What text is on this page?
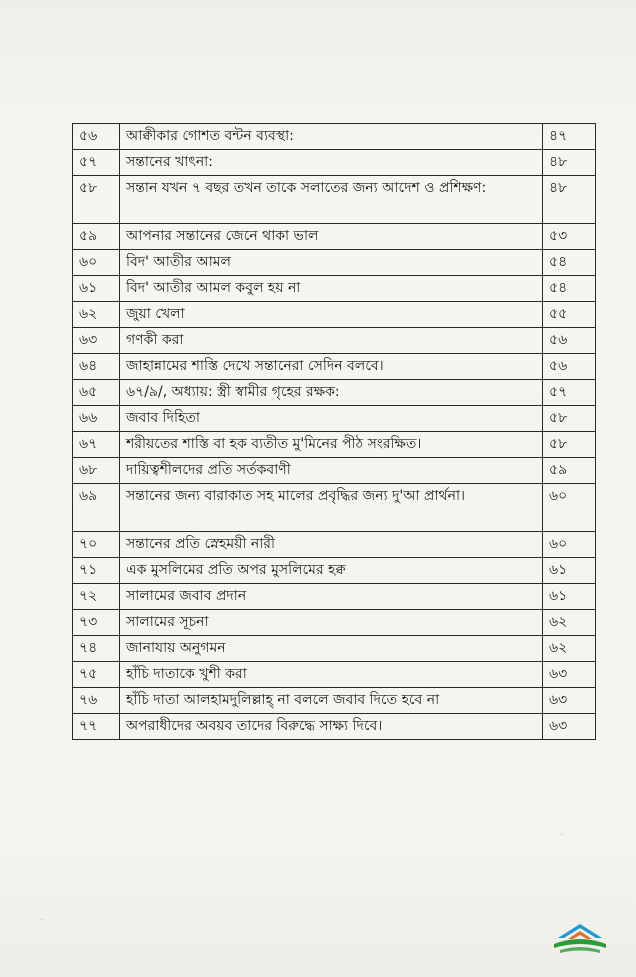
৫৬	আক্বীকার গোশত বন্টন ব্যবস্থা:	৪৭
৫৭	সন্তানের খাৎনা:	৪৮
৫৮	সন্তান যখন ৭ বছর তখন তাকে সলাতের জন্য আদেশ ও প্রশিক্ষণ:	৪৮
৫৯	আপনার সন্তানের জেনে থাকা ভাল	৫৩
৬০	বিদ' আতীর আমল	৫৪
৬১	বিদ' আতীর আমল কবুল হয় না	৫৪
৬২	জুয়া খেলা	৫৫
৬৩	গণকী করা	৫৬
৬৪	জাহান্নামের শাস্তি দেখে সন্তানেরা সেদিন বলবে।	৫৬
৬৫	৬৭/৯/, অধ্যায়: স্ত্রী স্বামীর গৃহের রক্ষক:	৫৭
৬৬	জবাব দিহিতা	৫৮
৬৭	শরীয়তের শাস্তি বা হক ব্যতীত মু'মিনের পীঠ সংরক্ষিত।	৫৮
৬৮	দায়িত্বশীলদের প্রতি সর্তকবাণী	৫৯
৬৯	সন্তানের জন্য বারাকাত সহ মালের প্রবৃদ্ধির জন্য দু'আ প্রার্থনা।	৬০
৭০	সন্তানের প্রতি স্নেহময়ী নারী	৬০
৭১	এক মুসলিমের প্রতি অপর মুসলিমের হক্ব	৬১
৭২	সালামের জবাব প্রদান	৬১
৭৩	সালামের সূচনা	৬২
৭৪	জানাযায় অনুগমন	৬২
৭৫	হাঁচি দাতাকে খুশী করা	৬৩
৭৬	হাঁচি দাতা আলহামদুলিল্লাহ্ না বললে জবাব দিতে হবে না	৬৩
৭৭	অপরাধীদের অবয়ব তাদের বিরুদ্ধে সাক্ষ্য দিবে।	৬৩
·
·
